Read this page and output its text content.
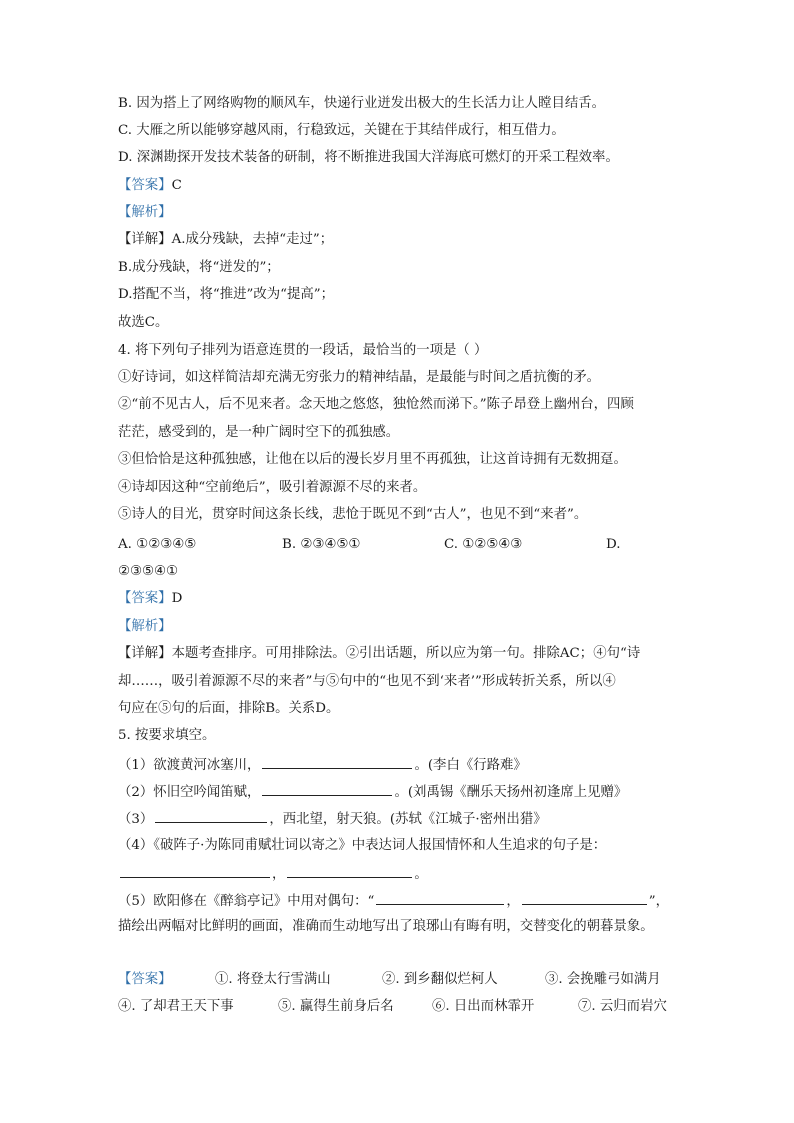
B. 因为搭上了网络购物的顺风车，快递行业迸发出极大的生长活力让人瞠目结舌。
C. 大雁之所以能够穿越风雨，行稳致远，关键在于其结伴成行，相互借力。
D. 深渊勘探开发技术装备的研制，将不断推进我国大洋海底可燃灯的开采工程效率。
【答案】C
【解析】
【详解】A.成分残缺，去掉“走过”；
B.成分残缺，将“迸发的”；
D.搭配不当，将“推进”改为“提高”；
故选C。
4. 将下列句子排列为语意连贯的一段话，最恰当的一项是（ ）
①好诗词，如这样简洁却充满无穷张力的精神结晶，是最能与时间之盾抗衡的矛。
②“前不见古人，后不见来者。念天地之悠悠，独怆然而涕下。”陈子昂登上幽州台，四顾
茫茫，感受到的，是一种广阔时空下的孤独感。
③但恰恰是这种孤独感，让他在以后的漫长岁月里不再孤独，让这首诗拥有无数拥趸。
④诗却因这种“空前绝后”，吸引着源源不尽的来者。
⑤诗人的目光，贯穿时间这条长线，悲怆于既见不到“古人”，也见不到“来者”。
A. ①②③④⑤	B. ②③④⑤①	C. ①②⑤④③	D.
②③⑤④①
【答案】D
【解析】
【详解】本题考查排序。可用排除法。②引出话题，所以应为第一句。排除AC；④句“诗
却……，吸引着源源不尽的来者”与⑤句中的“也见不到‘来者’”形成转折关系，所以④
句应在⑤句的后面，排除B。关系D。
5. 按要求填空。
（1）欲渡黄河冰塞川，	。(李白《行路难》
（2）怀旧空吟闻笛赋，	。(刘禹锡《酬乐天扬州初逢席上见赠》
（3）	，西北望，射天狼。(苏轼《江城子·密州出猎》
（4）《破阵子·为陈同甫赋壮词以寄之》中表达词人报国情怀和人生追求的句子是：
，	。
（5）欧阳修在《醉翁亭记》中用对偶句：“	，	”，
描绘出两幅对比鲜明的画面，准确而生动地写出了琅琊山有晦有明，交替变化的朝暮景象。
【答案】	①. 将登太行雪满山	②. 到乡翻似烂柯人	③. 会挽雕弓如满月
④. 了却君王天下事	⑤. 赢得生前身后名	⑥. 日出而林霏开	⑦. 云归而岩穴
